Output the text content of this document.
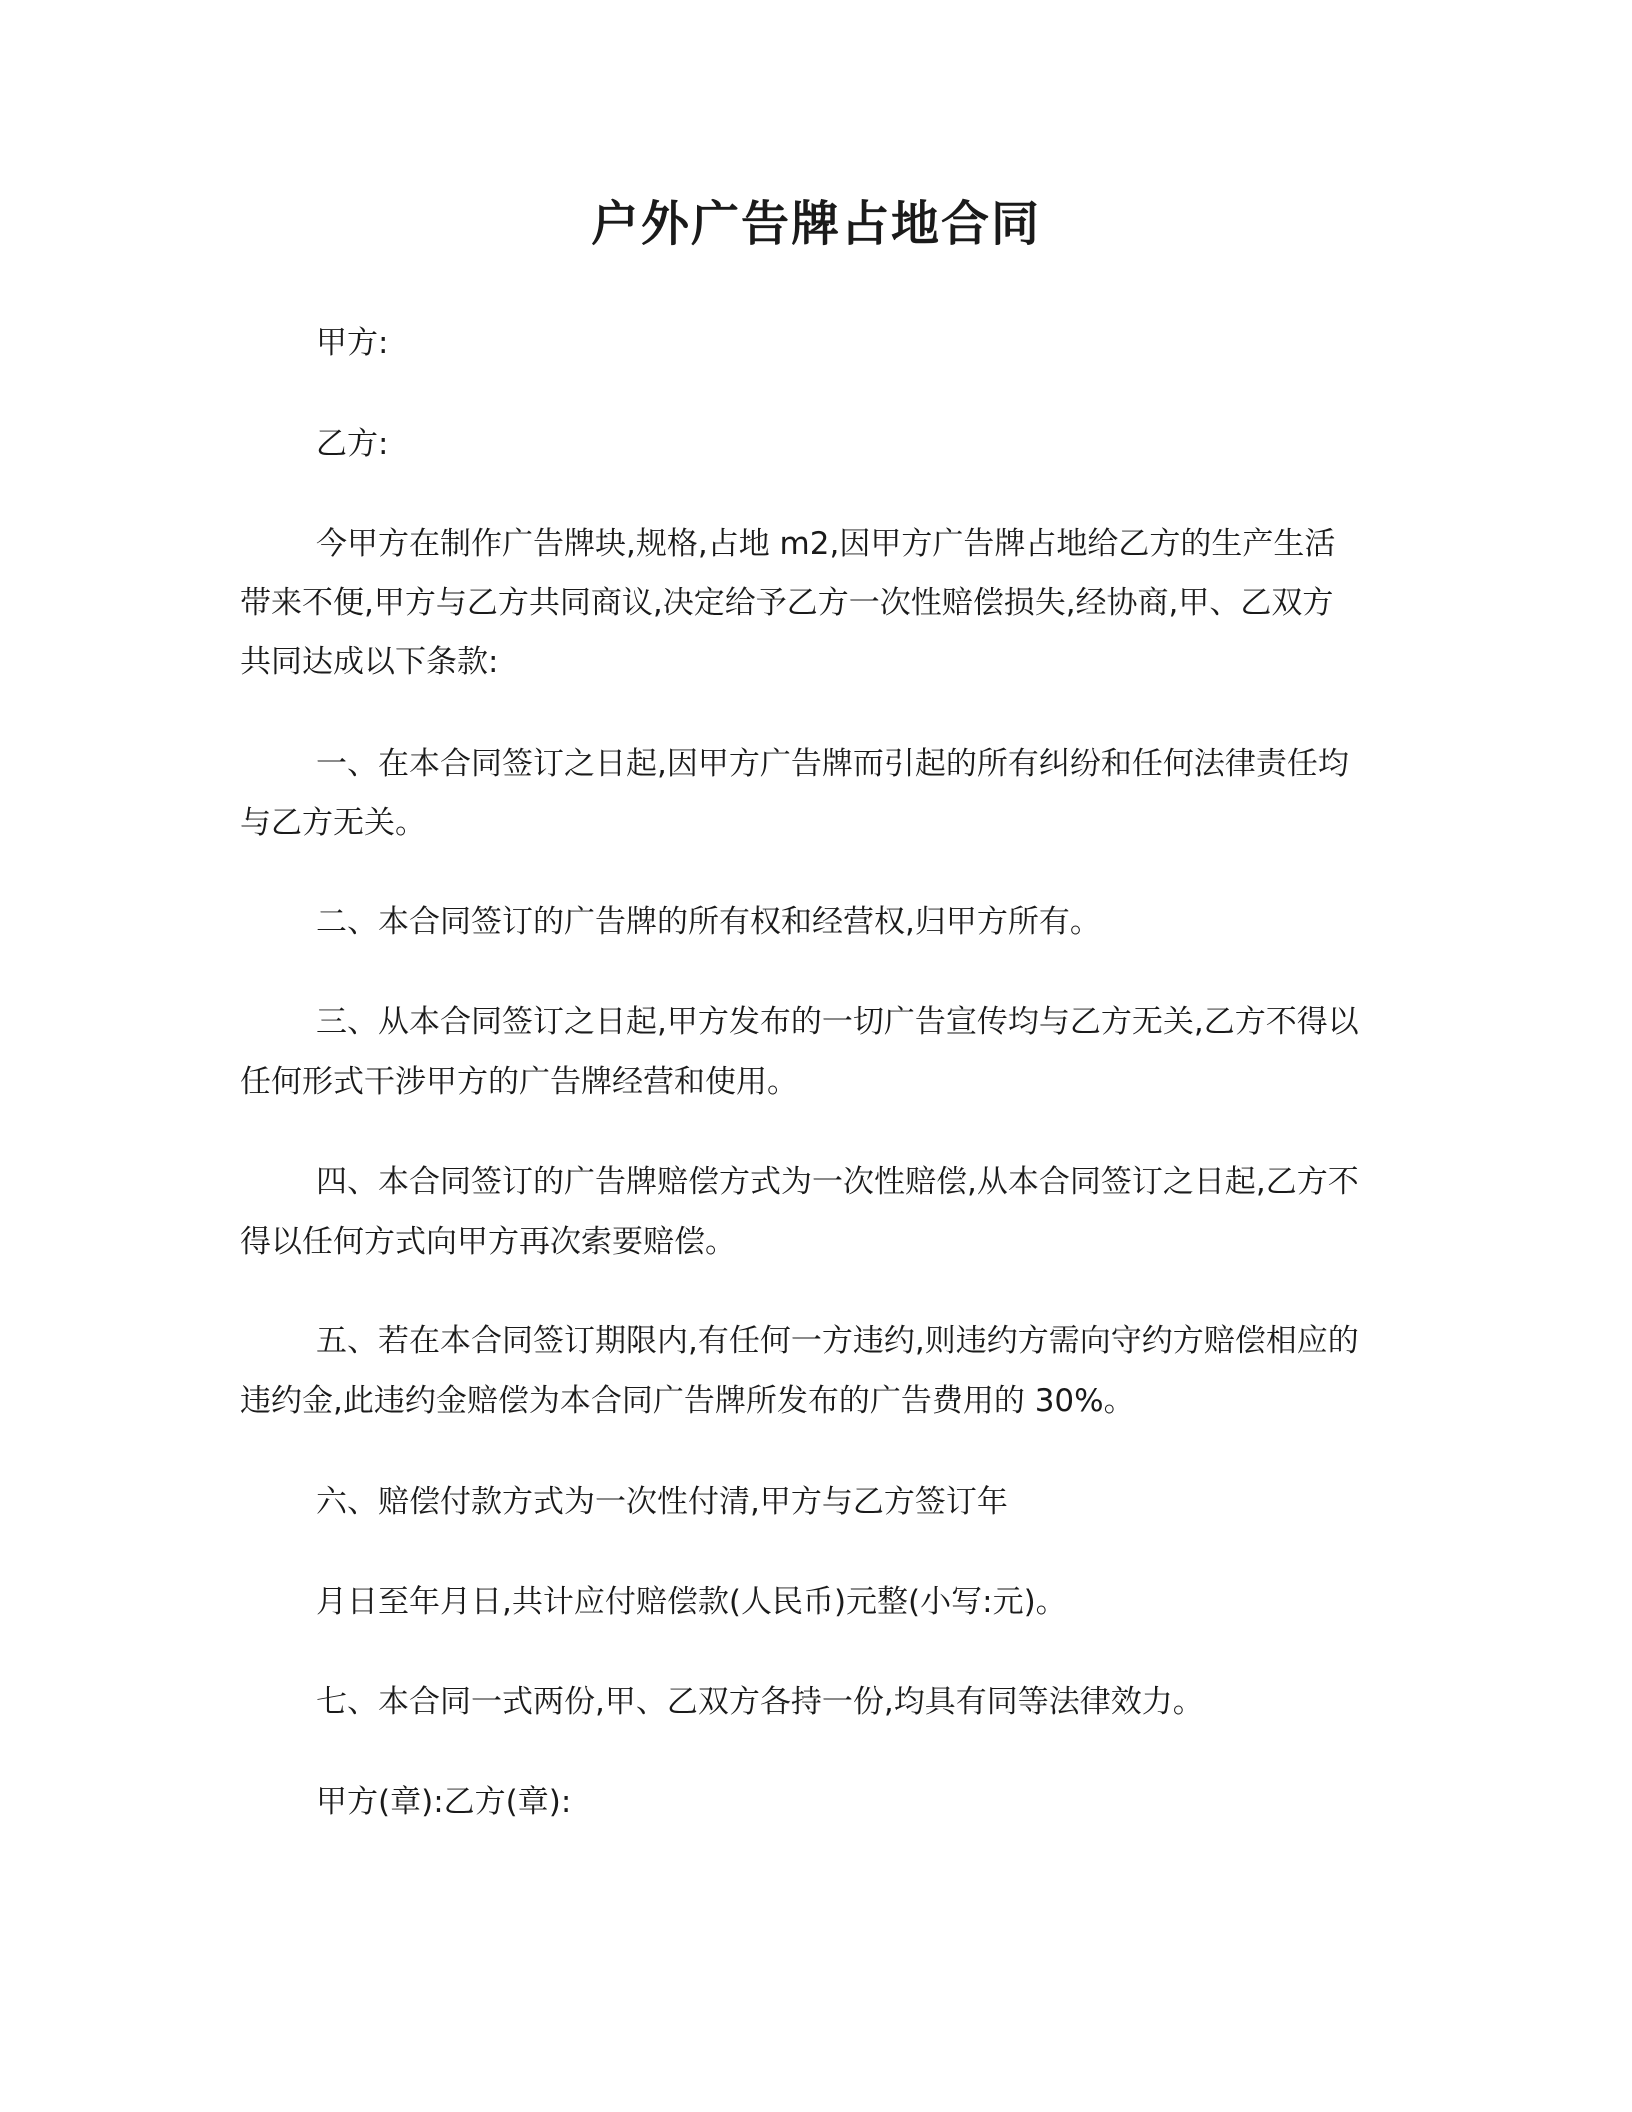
户外广告牌占地合同

甲方:

乙方:

今甲方在制作广告牌块,规格,占地 m2,因甲方广告牌占地给乙方的生产生活

带来不便,甲方与乙方共同商议,决定给予乙方一次性赔偿损失,经协商,甲、乙双方

共同达成以下条款:

一、在本合同签订之日起,因甲方广告牌而引起的所有纠纷和任何法律责任均

与乙方无关。

二、本合同签订的广告牌的所有权和经营权,归甲方所有。

三、从本合同签订之日起,甲方发布的一切广告宣传均与乙方无关,乙方不得以

任何形式干涉甲方的广告牌经营和使用。

四、本合同签订的广告牌赔偿方式为一次性赔偿,从本合同签订之日起,乙方不

得以任何方式向甲方再次索要赔偿。

五、若在本合同签订期限内,有任何一方违约,则违约方需向守约方赔偿相应的

违约金,此违约金赔偿为本合同广告牌所发布的广告费用的 30%。

六、赔偿付款方式为一次性付清,甲方与乙方签订年

月日至年月日,共计应付赔偿款(人民币)元整(小写:元)。

七、本合同一式两份,甲、乙双方各持一份,均具有同等法律效力。

甲方(章):乙方(章):
